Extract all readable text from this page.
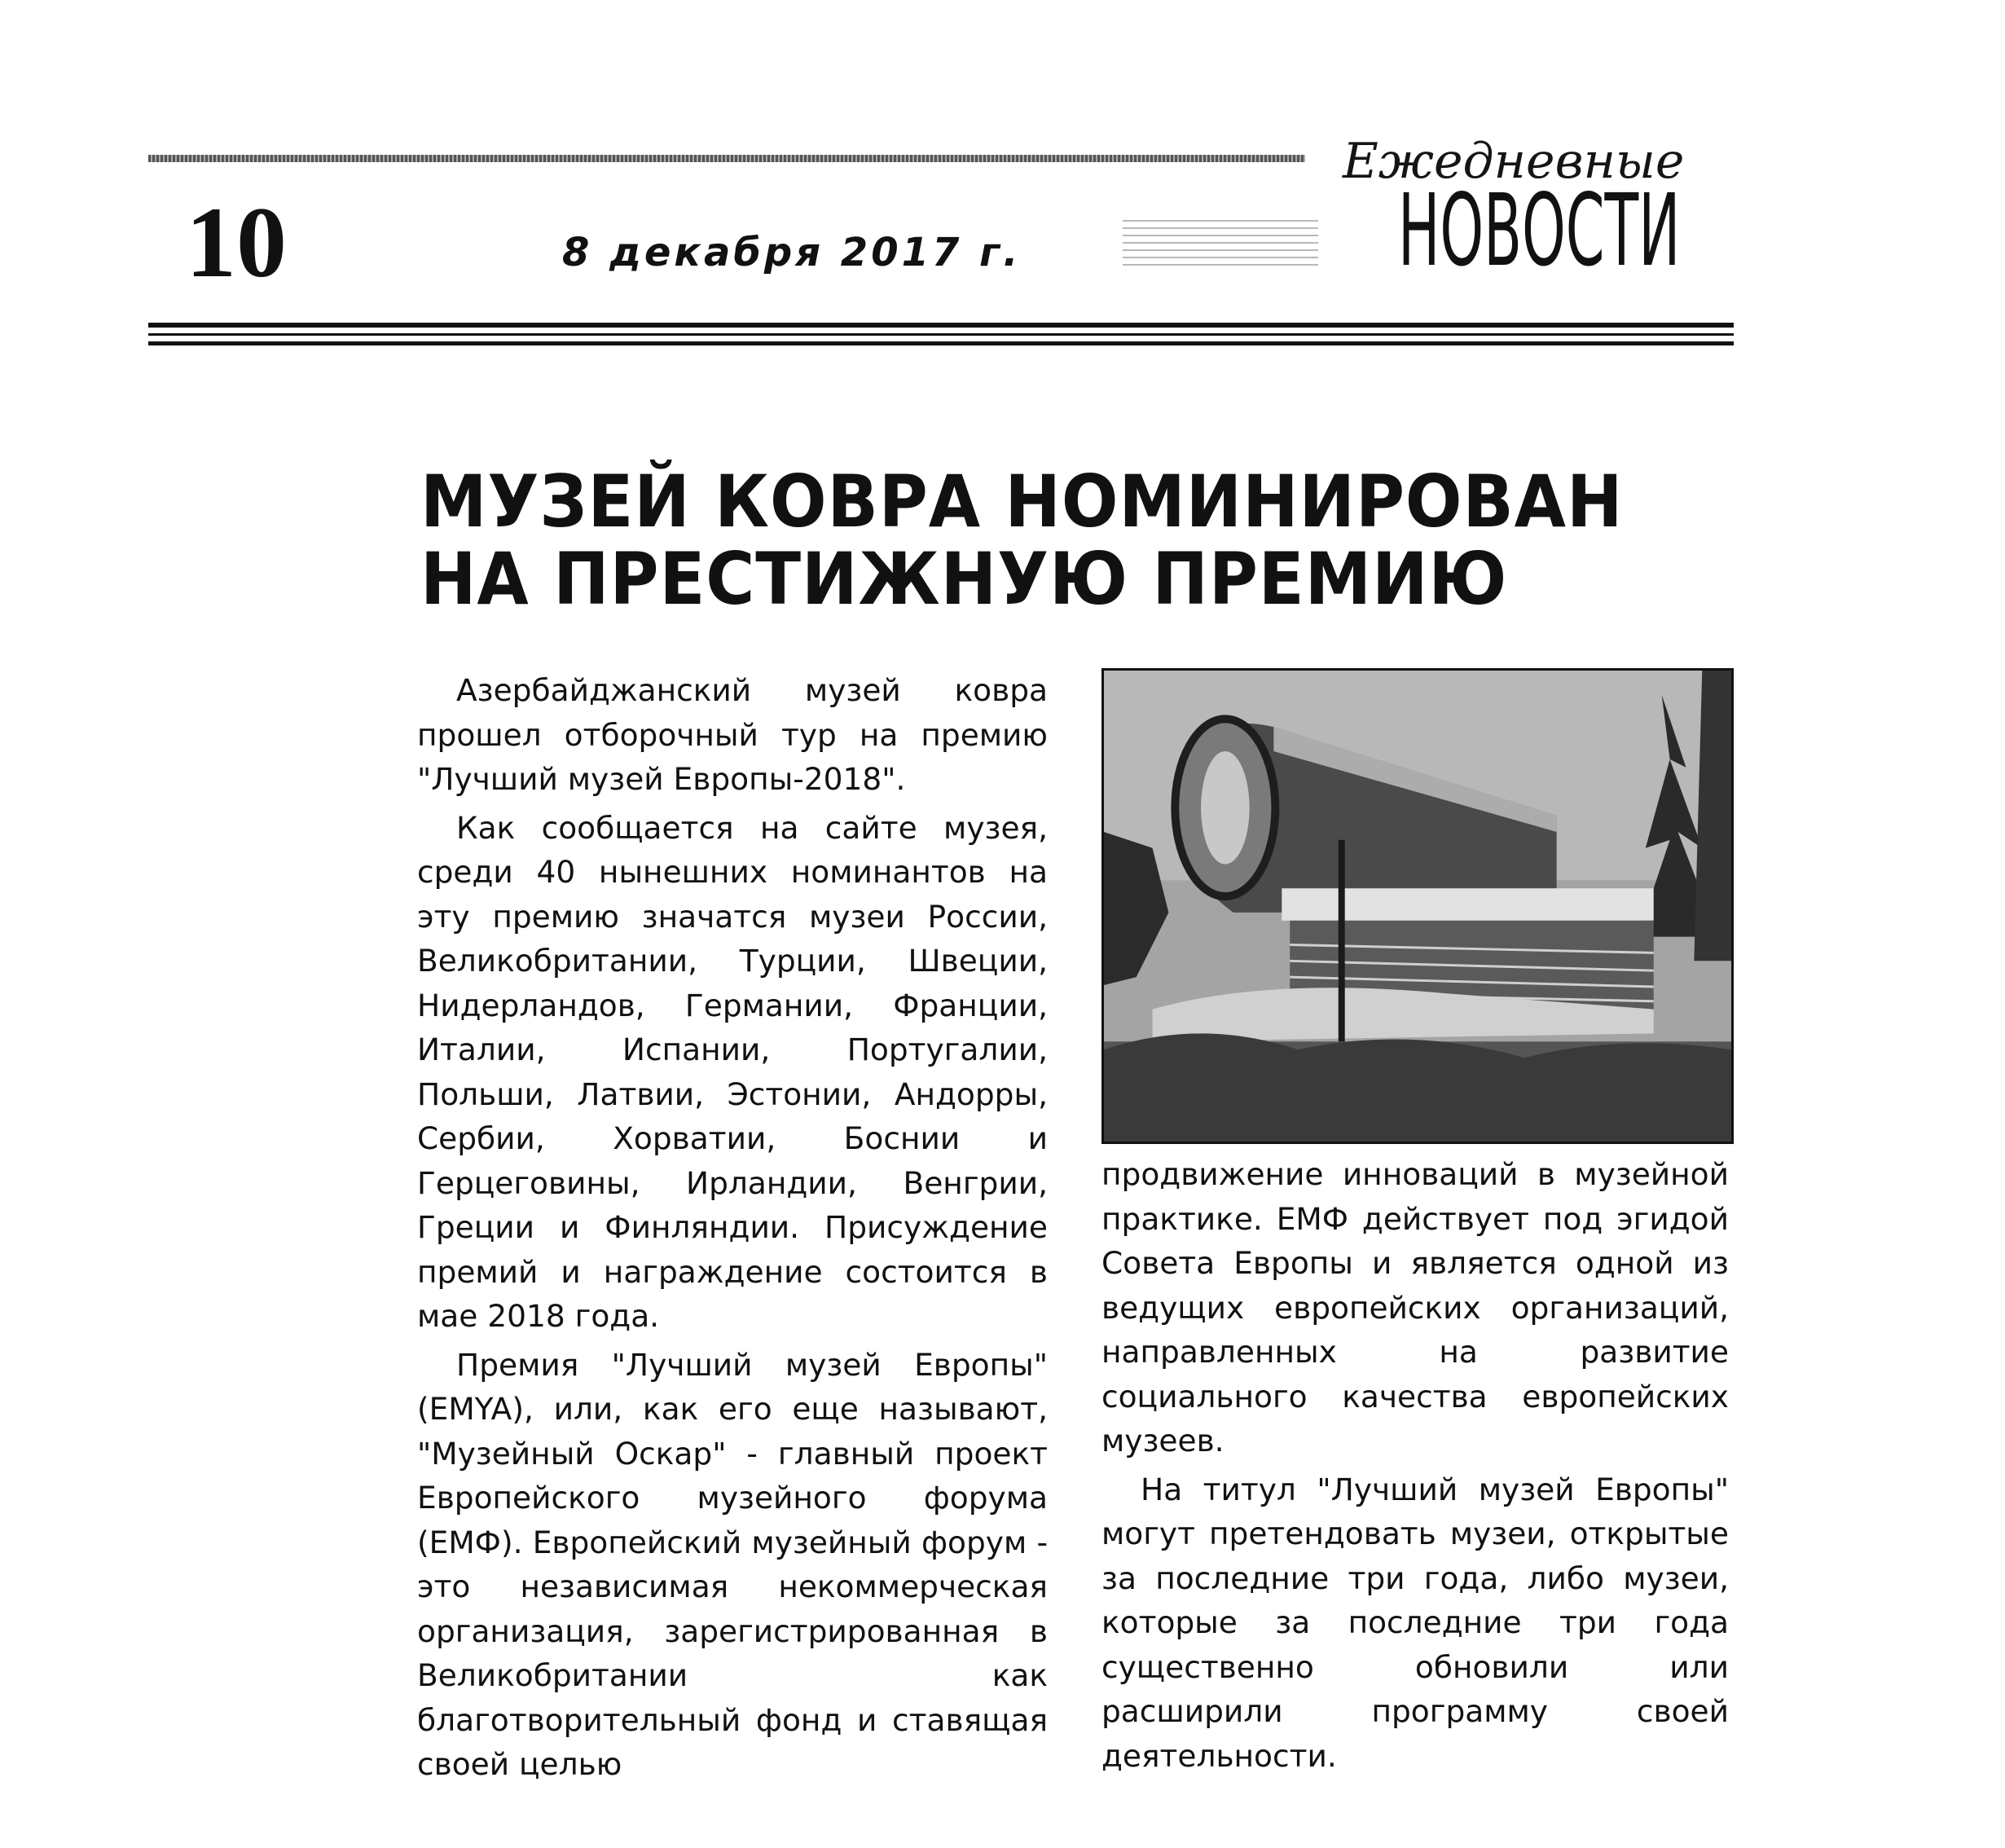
10	8 декабря 2017 г.
Ежедневные
НОВОСТИ
МУЗЕЙ КОВРА НОМИНИРОВАН
НА ПРЕСТИЖНУЮ ПРЕМИЮ

Азербайджанский музей ковра прошел отборочный тур на премию "Лучший музей Европы-2018".

Как сообщается на сайте музея, среди 40 нынешних номинантов на эту премию значатся музеи России, Великобритании, Турции, Швеции, Нидерландов, Германии, Франции, Италии, Испании, Португалии, Польши, Латвии, Эстонии, Андорры, Сербии, Хорватии, Боснии и Герцеговины, Ирландии, Венгрии, Греции и Финляндии. Присуждение премий и награждение состоится в мае 2018 года.

Премия "Лучший музей Европы" (EMYA), или, как его еще называют, "Музейный Оскар" - главный проект Европейского музейного форума (ЕМФ). Европейский музейный форум - это независимая некоммерческая организация, зарегистрированная в Великобритании как благотворительный фонд и ставящая своей целью

продвижение инноваций в музейной практике. ЕМФ действует под эгидой Совета Европы и является одной из ведущих европейских организаций, направленных на развитие социального качества европейских музеев.

На титул "Лучший музей Европы" могут претендовать музеи, открытые за последние три года, либо музеи, которые за последние три года существенно обновили или расширили программу своей деятельности.
